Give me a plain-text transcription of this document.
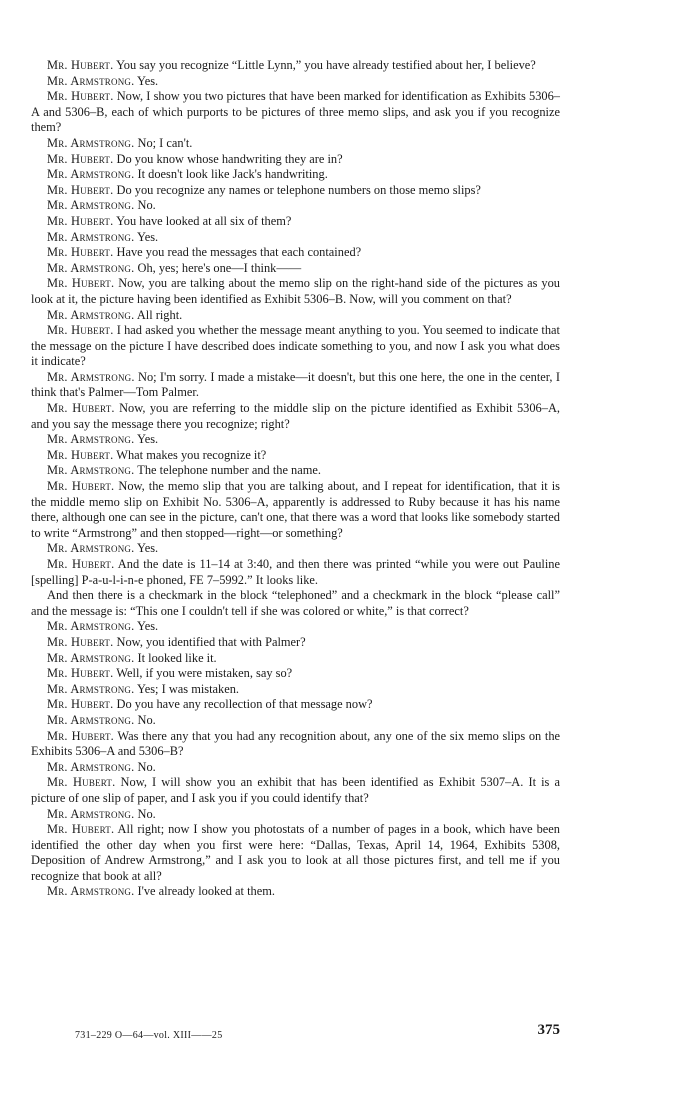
Mr. Hubert. You say you recognize “Little Lynn,” you have already testified about her, I believe?

Mr. Armstrong. Yes.

Mr. Hubert. Now, I show you two pictures that have been marked for identification as Exhibits 5306–A and 5306–B, each of which purports to be pictures of three memo slips, and ask you if you recognize them?

Mr. Armstrong. No; I can't.

Mr. Hubert. Do you know whose handwriting they are in?

Mr. Armstrong. It doesn't look like Jack's handwriting.

Mr. Hubert. Do you recognize any names or telephone numbers on those memo slips?

Mr. Armstrong. No.

Mr. Hubert. You have looked at all six of them?

Mr. Armstrong. Yes.

Mr. Hubert. Have you read the messages that each contained?

Mr. Armstrong. Oh, yes; here's one—I think——

Mr. Hubert. Now, you are talking about the memo slip on the right-hand side of the pictures as you look at it, the picture having been identified as Exhibit 5306–B. Now, will you comment on that?

Mr. Armstrong. All right.

Mr. Hubert. I had asked you whether the message meant anything to you. You seemed to indicate that the message on the picture I have described does indicate something to you, and now I ask you what does it indicate?

Mr. Armstrong. No; I'm sorry. I made a mistake—it doesn't, but this one here, the one in the center, I think that's Palmer—Tom Palmer.

Mr. Hubert. Now, you are referring to the middle slip on the picture identified as Exhibit 5306–A, and you say the message there you recognize; right?

Mr. Armstrong. Yes.

Mr. Hubert. What makes you recognize it?

Mr. Armstrong. The telephone number and the name.

Mr. Hubert. Now, the memo slip that you are talking about, and I repeat for identification, that it is the middle memo slip on Exhibit No. 5306–A, apparently is addressed to Ruby because it has his name there, although one can see in the picture, can't one, that there was a word that looks like somebody started to write “Armstrong” and then stopped—right—or something?

Mr. Armstrong. Yes.

Mr. Hubert. And the date is 11–14 at 3:40, and then there was printed “while you were out Pauline [spelling] P-a-u-l-i-n-e phoned, FE 7–5992.” It looks like.

And then there is a checkmark in the block “telephoned” and a checkmark in the block “please call” and the message is: “This one I couldn't tell if she was colored or white,” is that correct?

Mr. Armstrong. Yes.

Mr. Hubert. Now, you identified that with Palmer?

Mr. Armstrong. It looked like it.

Mr. Hubert. Well, if you were mistaken, say so?

Mr. Armstrong. Yes; I was mistaken.

Mr. Hubert. Do you have any recollection of that message now?

Mr. Armstrong. No.

Mr. Hubert. Was there any that you had any recognition about, any one of the six memo slips on the Exhibits 5306–A and 5306–B?

Mr. Armstrong. No.

Mr. Hubert. Now, I will show you an exhibit that has been identified as Exhibit 5307–A. It is a picture of one slip of paper, and I ask you if you could identify that?

Mr. Armstrong. No.

Mr. Hubert. All right; now I show you photostats of a number of pages in a book, which have been identified the other day when you first were here: “Dallas, Texas, April 14, 1964, Exhibits 5308, Deposition of Andrew Armstrong,” and I ask you to look at all those pictures first, and tell me if you recognize that book at all?

Mr. Armstrong. I've already looked at them.

731–229 O—64—vol. XIII——25	375
